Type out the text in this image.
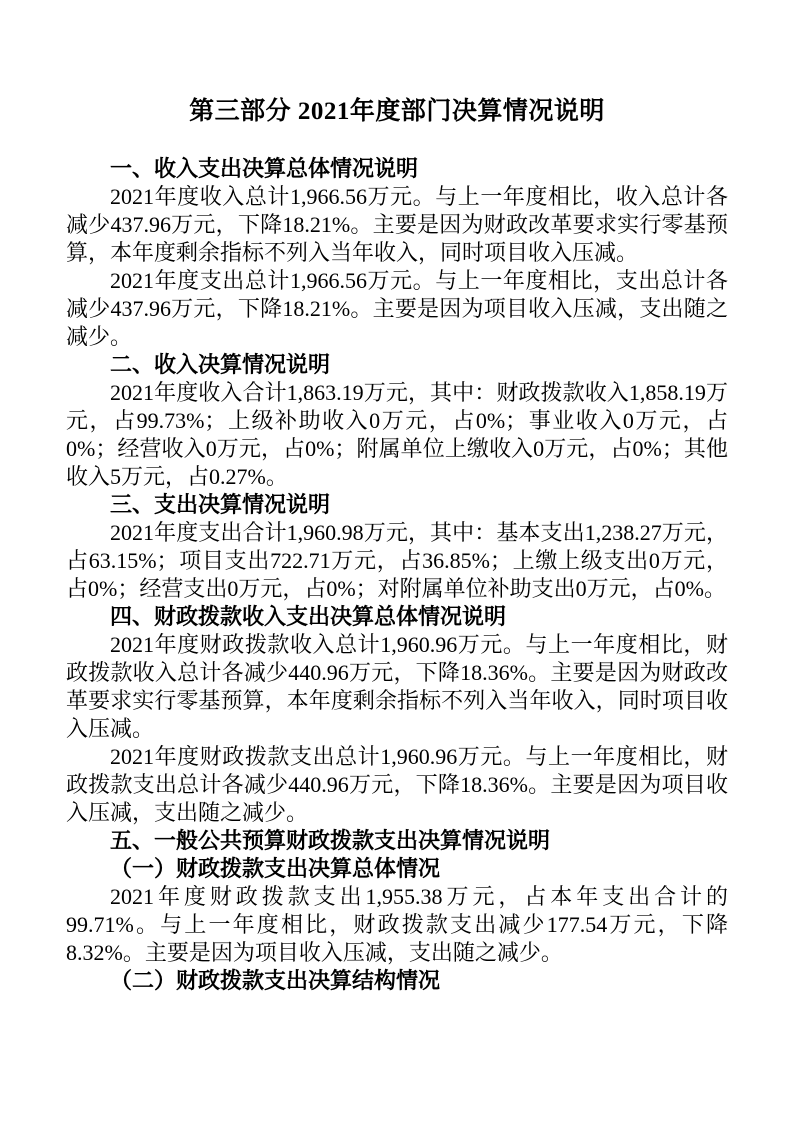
第三部分 2021年度部门决算情况说明
一、收入支出决算总体情况说明

2021年度收入总计1,966.56万元。与上一年度相比，收入总计各减少437.96万元，下降18.21%。主要是因为财政改革要求实行零基预算，本年度剩余指标不列入当年收入，同时项目收入压减。

2021年度支出总计1,966.56万元。与上一年度相比，支出总计各减少437.96万元，下降18.21%。主要是因为项目收入压减，支出随之减少。

二、收入决算情况说明

2021年度收入合计1,863.19万元，其中：财政拨款收入1,858.19万元，占99.73%；上级补助收入0万元，占0%；事业收入0万元，占0%；经营收入0万元，占0%；附属单位上缴收入0万元，占0%；其他收入5万元，占0.27%。

三、支出决算情况说明

2021年度支出合计1,960.98万元，其中：基本支出1,238.27万元，占63.15%；项目支出722.71万元，占36.85%；上缴上级支出0万元，占0%；经营支出0万元，占0%；对附属单位补助支出0万元，占0%。

四、财政拨款收入支出决算总体情况说明

2021年度财政拨款收入总计1,960.96万元。与上一年度相比，财政拨款收入总计各减少440.96万元，下降18.36%。主要是因为财政改革要求实行零基预算，本年度剩余指标不列入当年收入，同时项目收入压减。

2021年度财政拨款支出总计1,960.96万元。与上一年度相比，财政拨款支出总计各减少440.96万元，下降18.36%。主要是因为项目收入压减，支出随之减少。

五、一般公共预算财政拨款支出决算情况说明
（一）财政拨款支出决算总体情况

2021年度财政拨款支出1,955.38万元，占本年支出合计的99.71%。与上一年度相比，财政拨款支出减少177.54万元，下降8.32%。主要是因为项目收入压减，支出随之减少。

（二）财政拨款支出决算结构情况
